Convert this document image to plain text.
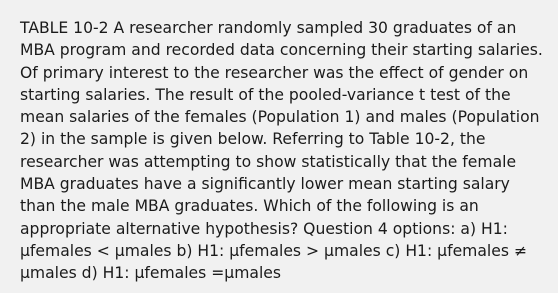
TABLE 10-2 A researcher randomly sampled 30 graduates of an MBA program and recorded data concerning their starting salaries. Of primary interest to the researcher was the effect of gender on starting salaries. The result of the pooled-variance t test of the mean salaries of the females (Population 1) and males (Population 2) in the sample is given below. Referring to Table 10-2, the researcher was attempting to show statistically that the female MBA graduates have a significantly lower mean starting salary than the male MBA graduates. Which of the following is an appropriate alternative hypothesis? Question 4 options: a) H1: μfemales < μmales b) H1: μfemales > μmales c) H1: μfemales ≠ μmales d) H1: μfemales =μmales
